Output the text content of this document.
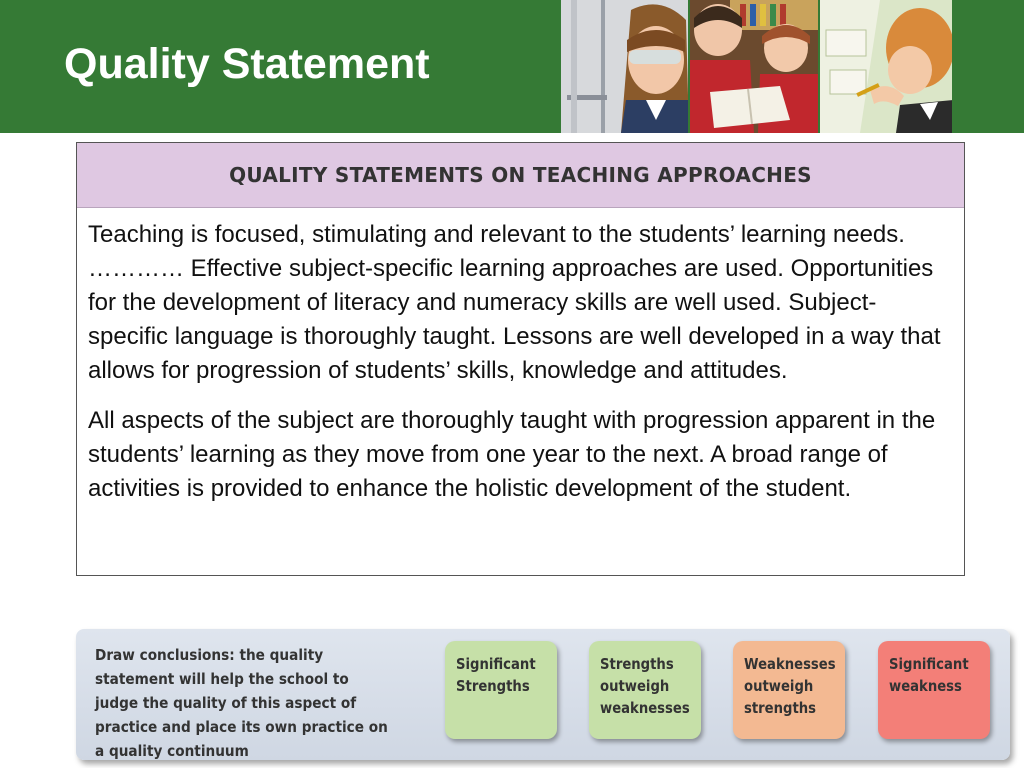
Quality Statement
QUALITY STATEMENTS ON TEACHING APPROACHES

Teaching is focused, stimulating and relevant to the students’ learning needs. ………… Effective subject-specific learning approaches are used. Opportunities for the development of literacy and numeracy skills are well used. Subject-specific language is thoroughly taught. Lessons are well developed in a way that allows for progression of students’ skills, knowledge and attitudes.

All aspects of the subject are thoroughly taught with progression apparent in the students’ learning as they move from one year to the next. A broad range of activities is provided to enhance the holistic development of the student.

Draw conclusions: the quality statement will help the school to judge the quality of this aspect of practice and place its own practice on a quality continuum
Significant
Strengths
Strengths
outweigh
weaknesses
Weaknesses
outweigh
strengths
Significant
weakness
